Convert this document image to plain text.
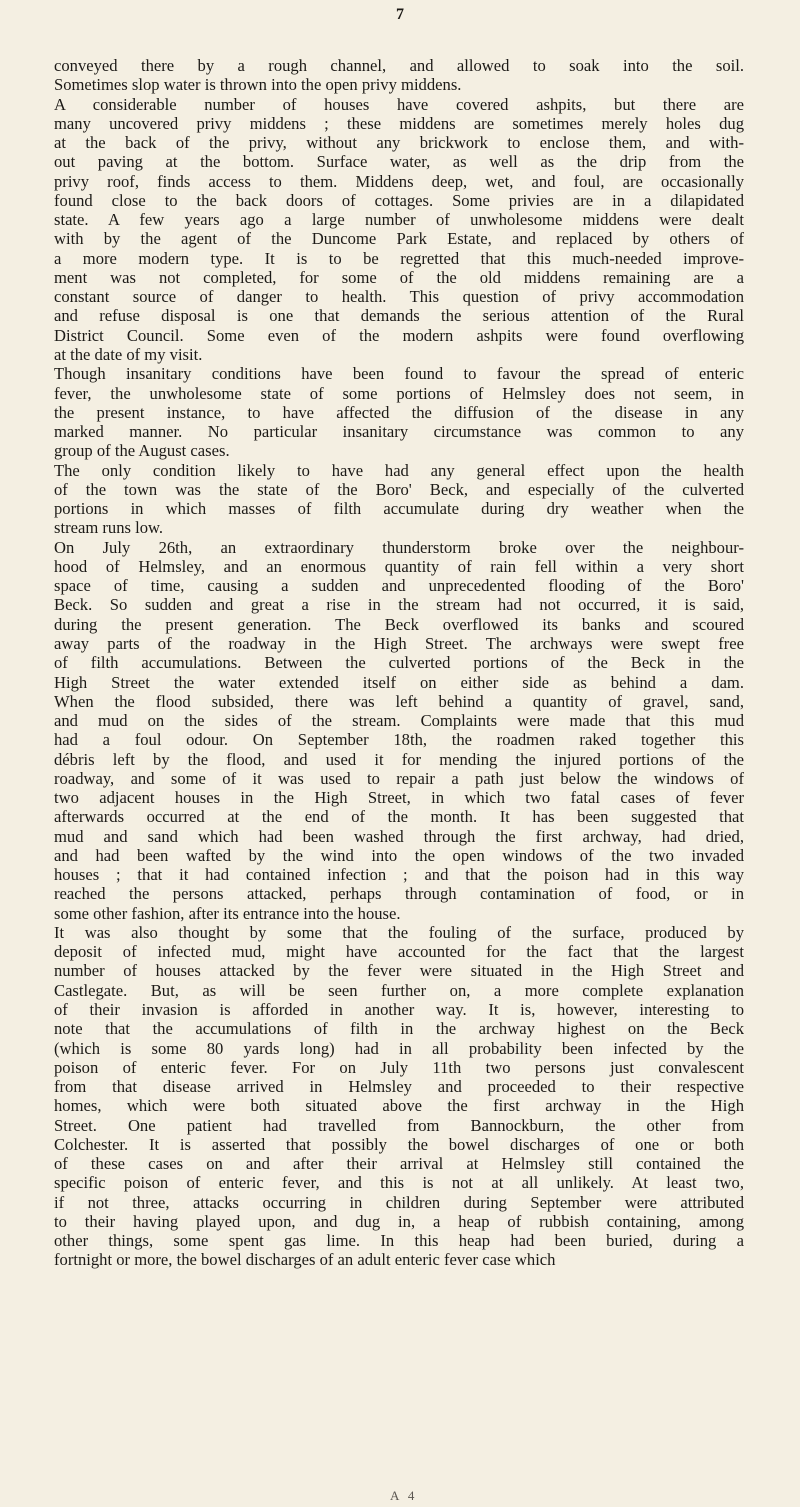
7
conveyed there by a rough channel, and allowed to soak into the soil.
Sometimes slop water is thrown into the open privy middens.
A considerable number of houses have covered ashpits, but there are
many uncovered privy middens ; these middens are sometimes merely holes dug
at the back of the privy, without any brickwork to enclose them, and with-
out paving at the bottom. Surface water, as well as the drip from the
privy roof, finds access to them. Middens deep, wet, and foul, are occasionally
found close to the back doors of cottages. Some privies are in a dilapidated
state. A few years ago a large number of unwholesome middens were dealt
with by the agent of the Duncome Park Estate, and replaced by others of
a more modern type. It is to be regretted that this much-needed improve-
ment was not completed, for some of the old middens remaining are a
constant source of danger to health. This question of privy accommodation
and refuse disposal is one that demands the serious attention of the Rural
District Council. Some even of the modern ashpits were found overflowing
at the date of my visit.
Though insanitary conditions have been found to favour the spread of enteric
fever, the unwholesome state of some portions of Helmsley does not seem, in
the present instance, to have affected the diffusion of the disease in any
marked manner. No particular insanitary circumstance was common to any
group of the August cases.
The only condition likely to have had any general effect upon the health
of the town was the state of the Boro' Beck, and especially of the culverted
portions in which masses of filth accumulate during dry weather when the
stream runs low.
On July 26th, an extraordinary thunderstorm broke over the neighbour-
hood of Helmsley, and an enormous quantity of rain fell within a very short
space of time, causing a sudden and unprecedented flooding of the Boro'
Beck. So sudden and great a rise in the stream had not occurred, it is said,
during the present generation. The Beck overflowed its banks and scoured
away parts of the roadway in the High Street. The archways were swept free
of filth accumulations. Between the culverted portions of the Beck in the
High Street the water extended itself on either side as behind a dam.
When the flood subsided, there was left behind a quantity of gravel, sand,
and mud on the sides of the stream. Complaints were made that this mud
had a foul odour. On September 18th, the roadmen raked together this
débris left by the flood, and used it for mending the injured portions of the
roadway, and some of it was used to repair a path just below the windows of
two adjacent houses in the High Street, in which two fatal cases of fever
afterwards occurred at the end of the month. It has been suggested that
mud and sand which had been washed through the first archway, had dried,
and had been wafted by the wind into the open windows of the two invaded
houses ; that it had contained infection ; and that the poison had in this way
reached the persons attacked, perhaps through contamination of food, or in
some other fashion, after its entrance into the house.
It was also thought by some that the fouling of the surface, produced by
deposit of infected mud, might have accounted for the fact that the largest
number of houses attacked by the fever were situated in the High Street and
Castlegate. But, as will be seen further on, a more complete explanation
of their invasion is afforded in another way. It is, however, interesting to
note that the accumulations of filth in the archway highest on the Beck
(which is some 80 yards long) had in all probability been infected by the
poison of enteric fever. For on July 11th two persons just convalescent
from that disease arrived in Helmsley and proceeded to their respective
homes, which were both situated above the first archway in the High
Street. One patient had travelled from Bannockburn, the other from
Colchester. It is asserted that possibly the bowel discharges of one or both
of these cases on and after their arrival at Helmsley still contained the
specific poison of enteric fever, and this is not at all unlikely. At least two,
if not three, attacks occurring in children during September were attributed
to their having played upon, and dug in, a heap of rubbish containing, among
other things, some spent gas lime. In this heap had been buried, during a
fortnight or more, the bowel discharges of an adult enteric fever case which
A 4
